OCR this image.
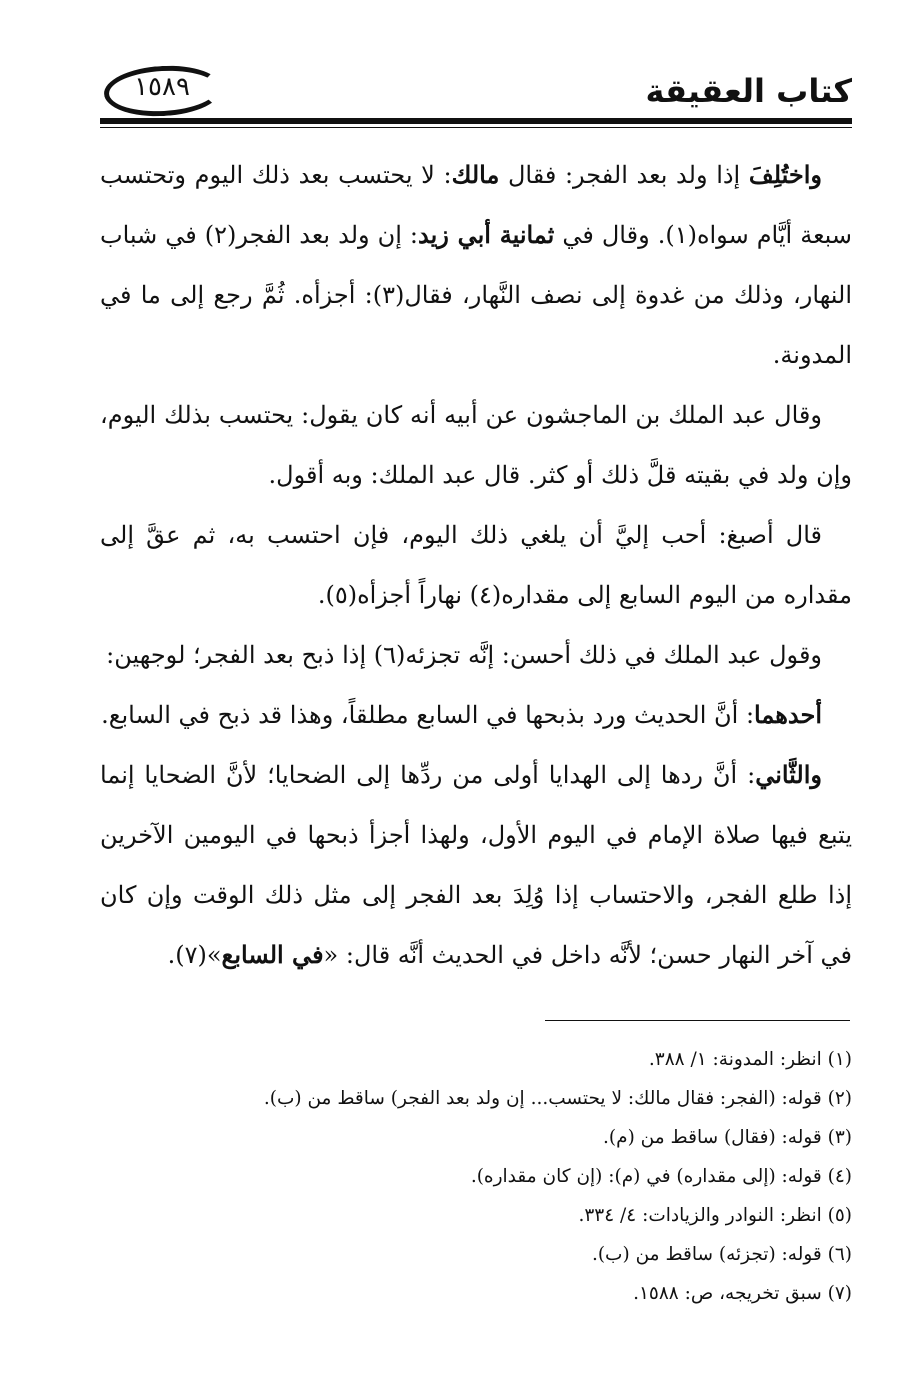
كتاب العقيقة
١٥٨٩

واختُلِفَ إذا ولد بعد الفجر: فقال مالك: لا يحتسب بعد ذلك اليوم وتحتسب سبعة أيَّام سواه(١). وقال في ثمانية أبي زيد: إن ولد بعد الفجر(٢) في شباب النهار، وذلك من غدوة إلى نصف النَّهار، فقال(٣): أجزأه. ثُمَّ رجع إلى ما في المدونة.

وقال عبد الملك بن الماجشون عن أبيه أنه كان يقول: يحتسب بذلك اليوم، وإن ولد في بقيته قلَّ ذلك أو كثر. قال عبد الملك: وبه أقول.

قال أصبغ: أحب إليَّ أن يلغي ذلك اليوم، فإن احتسب به، ثم عقَّ إلى مقداره من اليوم السابع إلى مقداره(٤) نهاراً أجزأه(٥).

وقول عبد الملك في ذلك أحسن: إنَّه تجزئه(٦) إذا ذبح بعد الفجر؛ لوجهين:

أحدهما: أنَّ الحديث ورد بذبحها في السابع مطلقاً، وهذا قد ذبح في السابع.

والثَّاني: أنَّ ردها إلى الهدايا أولى من ردِّها إلى الضحايا؛ لأنَّ الضحايا إنما يتبع فيها صلاة الإمام في اليوم الأول، ولهذا أجزأ ذبحها في اليومين الآخرين إذا طلع الفجر، والاحتساب إذا وُلِدَ بعد الفجر إلى مثل ذلك الوقت وإن كان في آخر النهار حسن؛ لأنَّه داخل في الحديث أنَّه قال: «في السابع»(٧).

(١) انظر: المدونة: ١/ ٣٨٨.

(٢) قوله: (الفجر: فقال مالك: لا يحتسب... إن ولد بعد الفجر) ساقط من (ب).

(٣) قوله: (فقال) ساقط من (م).

(٤) قوله: (إلى مقداره) في (م): (إن كان مقداره).

(٥) انظر: النوادر والزيادات: ٤/ ٣٣٤.

(٦) قوله: (تجزئه) ساقط من (ب).

(٧) سبق تخريجه، ص: ١٥٨٨.
